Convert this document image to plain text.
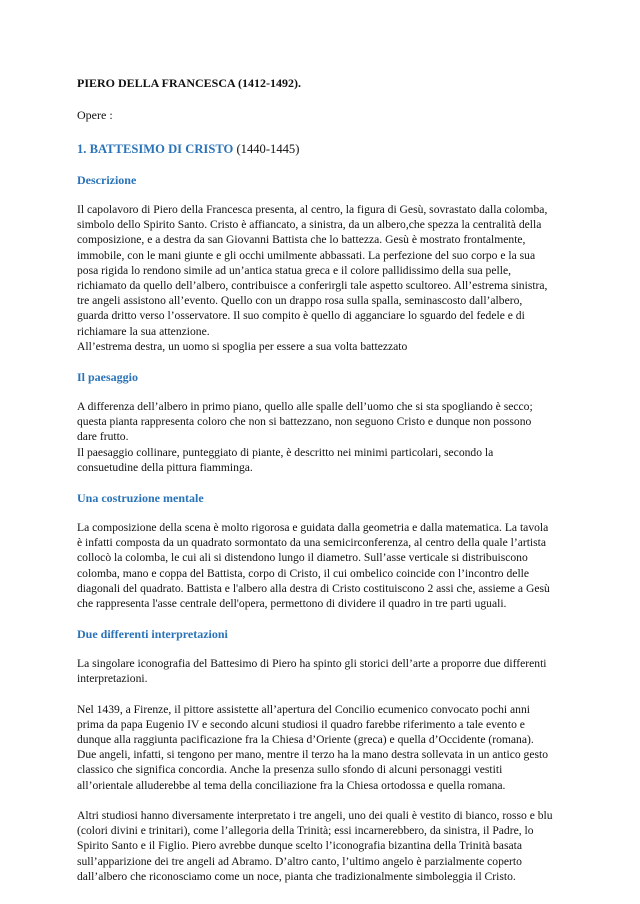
PIERO DELLA FRANCESCA (1412-1492).

Opere :

1. BATTESIMO DI CRISTO (1440-1445)

Descrizione

Il capolavoro di Piero della Francesca presenta, al centro, la figura di Gesù, sovrastato dalla colomba,

simbolo dello Spirito Santo. Cristo è affiancato, a sinistra, da un albero,che spezza la centralità della

composizione, e a destra da san Giovanni Battista che lo battezza. Gesù è mostrato frontalmente,

immobile, con le mani giunte e gli occhi umilmente abbassati. La perfezione del suo corpo e la sua

posa rigida lo rendono simile ad un’antica statua greca e il colore pallidissimo della sua pelle,

richiamato da quello dell’albero, contribuisce a conferirgli tale aspetto scultoreo. All’estrema sinistra,

tre angeli assistono all’evento. Quello con un drappo rosa sulla spalla, seminascosto dall’albero,

guarda dritto verso l’osservatore. Il suo compito è quello di agganciare lo sguardo del fedele e di

richiamare la sua attenzione.

All’estrema destra, un uomo si spoglia per essere a sua volta battezzato

Il paesaggio

A differenza dell’albero in primo piano, quello alle spalle dell’uomo che si sta spogliando è secco;

questa pianta rappresenta coloro che non si battezzano, non seguono Cristo e dunque non possono

dare frutto.

Il paesaggio collinare, punteggiato di piante, è descritto nei minimi particolari, secondo la

consuetudine della pittura fiamminga.

Una costruzione mentale

La composizione della scena è molto rigorosa e guidata dalla geometria e dalla matematica. La tavola

è infatti composta da un quadrato sormontato da una semicirconferenza, al centro della quale l’artista

collocò la colomba, le cui ali si distendono lungo il diametro. Sull’asse verticale si distribuiscono

colomba, mano e coppa del Battista, corpo di Cristo, il cui ombelico coincide con l’incontro delle

diagonali del quadrato. Battista e l'albero alla destra di Cristo costituiscono 2 assi che, assieme a Gesù

che rappresenta l'asse centrale dell'opera, permettono di dividere il quadro in tre parti uguali.

Due differenti interpretazioni

La singolare iconografia del Battesimo di Piero ha spinto gli storici dell’arte a proporre due differenti

interpretazioni.

Nel 1439, a Firenze, il pittore assistette all’apertura del Concilio ecumenico convocato pochi anni

prima da papa Eugenio IV e secondo alcuni studiosi il quadro farebbe riferimento a tale evento e

dunque alla raggiunta pacificazione fra la Chiesa d’Oriente (greca) e quella d’Occidente (romana).

Due angeli, infatti, si tengono per mano, mentre il terzo ha la mano destra sollevata in un antico gesto

classico che significa concordia. Anche la presenza sullo sfondo di alcuni personaggi vestiti

all’orientale alluderebbe al tema della conciliazione fra la Chiesa ortodossa e quella romana.

Altri studiosi hanno diversamente interpretato i tre angeli, uno dei quali è vestito di bianco, rosso e blu

(colori divini e trinitari), come l’allegoria della Trinità; essi incarnerebbero, da sinistra, il Padre, lo

Spirito Santo e il Figlio. Piero avrebbe dunque scelto l’iconografia bizantina della Trinità basata

sull’apparizione dei tre angeli ad Abramo. D’altro canto, l’ultimo angelo è parzialmente coperto

dall’albero che riconosciamo come un noce, pianta che tradizionalmente simboleggia il Cristo.
